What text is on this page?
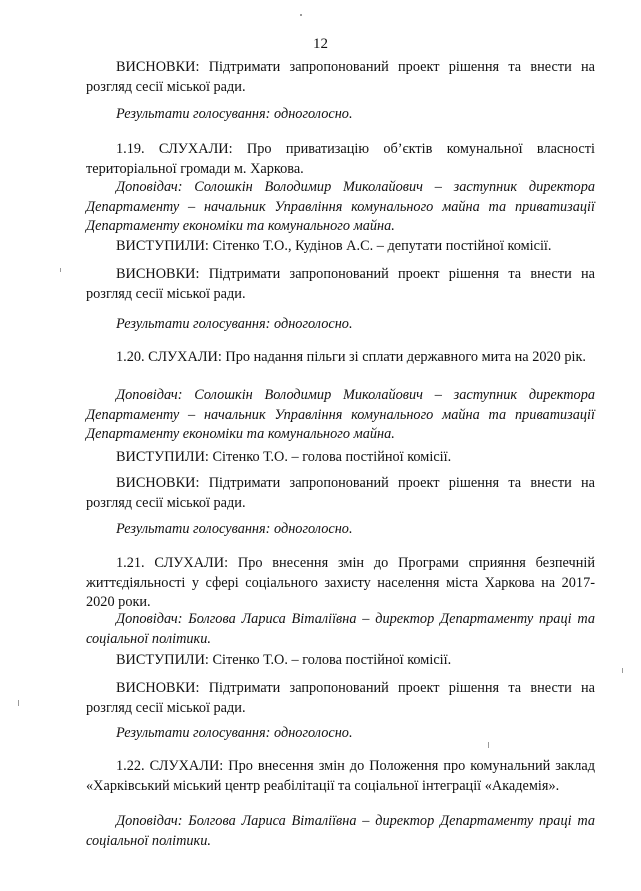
12

ВИСНОВКИ: Підтримати запропонований проект рішення та внести на розгляд сесії міської ради.

Результати голосування: одноголосно.

1.19. СЛУХАЛИ: Про приватизацію об’єктів комунальної власності територіальної громади м. Харкова.

Доповідач: Солошкін Володимир Миколайович – заступник директора Департаменту – начальник Управління комунального майна та приватизації Департаменту економіки та комунального майна.

ВИСТУПИЛИ: Сітенко Т.О., Кудінов А.С. – депутати постійної комісії.

ВИСНОВКИ: Підтримати запропонований проект рішення та внести на розгляд сесії міської ради.

Результати голосування: одноголосно.

1.20. СЛУХАЛИ: Про надання пільги зі сплати державного мита на 2020 рік.

Доповідач: Солошкін Володимир Миколайович – заступник директора Департаменту – начальник Управління комунального майна та приватизації Департаменту економіки та комунального майна.

ВИСТУПИЛИ: Сітенко Т.О. – голова постійної комісії.

ВИСНОВКИ: Підтримати запропонований проект рішення та внести на розгляд сесії міської ради.

Результати голосування: одноголосно.

1.21. СЛУХАЛИ: Про внесення змін до Програми сприяння безпечній життєдіяльності у сфері соціального захисту населення міста Харкова на 2017-2020 роки.

Доповідач: Болгова Лариса Віталіївна – директор Департаменту праці та соціальної політики.

ВИСТУПИЛИ: Сітенко Т.О. – голова постійної комісії.

ВИСНОВКИ: Підтримати запропонований проект рішення та внести на розгляд сесії міської ради.

Результати голосування: одноголосно.

1.22. СЛУХАЛИ: Про внесення змін до Положення про комунальний заклад «Харківський міський центр реабілітації та соціальної інтеграції «Академія».

Доповідач: Болгова Лариса Віталіївна – директор Департаменту праці та соціальної політики.
